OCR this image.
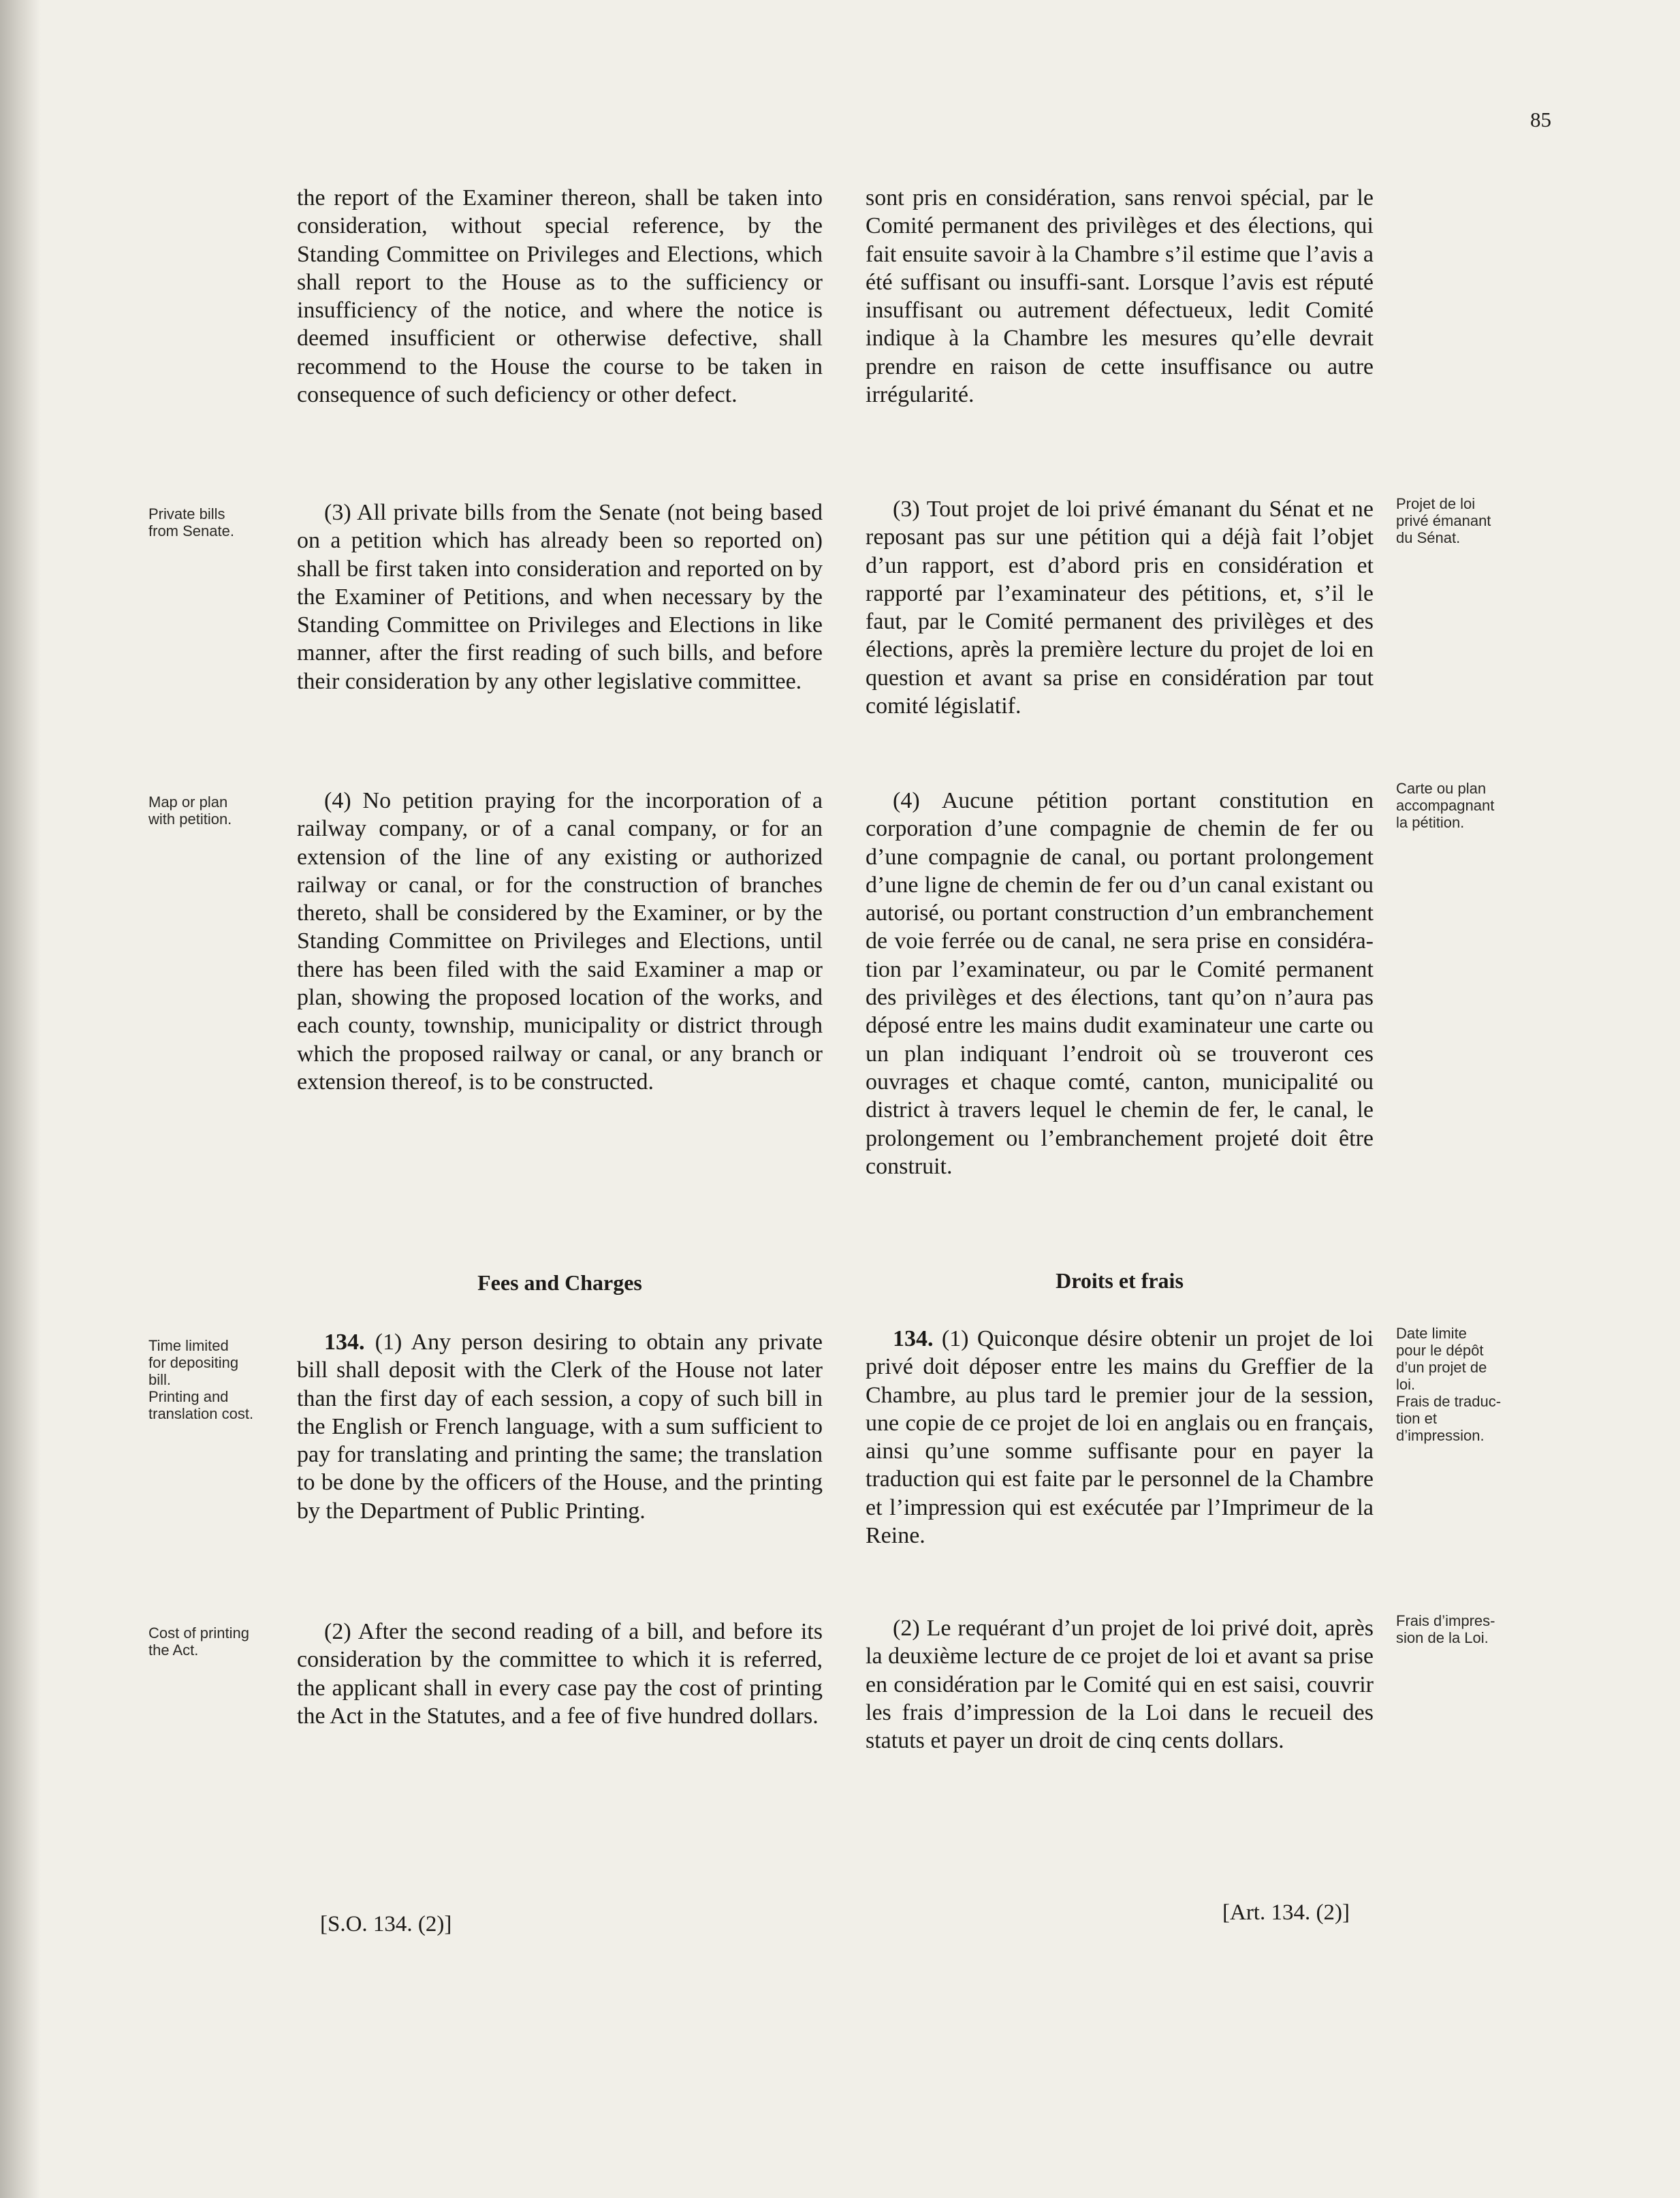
85

the report of the Examiner thereon, shall be taken into consideration, without special reference, by the Standing Committee on Privileges and Elections, which shall report to the House as to the sufficiency or insufficiency of the notice, and where the notice is deemed insufficient or otherwise defective, shall recommend to the House the course to be taken in consequence of such deficiency or other defect.

(3) All private bills from the Senate (not being based on a petition which has already been so reported on) shall be first taken into consideration and reported on by the Examiner of Petitions, and when necessary by the Standing Committee on Privileges and Elections in like manner, after the first reading of such bills, and before their consideration by any other legislative committee.

(4) No petition praying for the incorporation of a railway company, or of a canal company, or for an extension of the line of any existing or authorized railway or canal, or for the construction of branches thereto, shall be considered by the Examiner, or by the Standing Committee on Privileges and Elections, until there has been filed with the said Examiner a map or plan, showing the proposed location of the works, and each county, township, municipality or district through which the proposed railway or canal, or any branch or extension thereof, is to be constructed.

Fees and Charges

134. (1) Any person desiring to obtain any private bill shall deposit with the Clerk of the House not later than the first day of each session, a copy of such bill in the English or French language, with a sum sufficient to pay for translating and printing the same; the translation to be done by the officers of the House, and the printing by the Department of Public Printing.

(2) After the second reading of a bill, and before its consideration by the committee to which it is referred, the applicant shall in every case pay the cost of printing the Act in the Statutes, and a fee of five hundred dollars.

[S.O. 134. (2)]
Private bills
from Senate.
Map or plan
with petition.
Time limited
for depositing
bill.
Printing and
translation cost.
Cost of printing
the Act.

sont pris en considération, sans renvoi spécial, par le Comité permanent des privilèges et des élections, qui fait ensuite savoir à la Chambre s’il estime que l’avis a été suffisant ou insuffi-sant. Lorsque l’avis est réputé insuffisant ou autrement défectueux, ledit Comité indique à la Chambre les mesures qu’elle devrait prendre en raison de cette insuffisance ou autre irrégularité.

(3) Tout projet de loi privé émanant du Sénat et ne reposant pas sur une pétition qui a déjà fait l’objet d’un rapport, est d’abord pris en considération et rapporté par l’examinateur des pétitions, et, s’il le faut, par le Comité permanent des privilèges et des élections, après la première lecture du projet de loi en question et avant sa prise en considération par tout comité législatif.

(4) Aucune pétition portant constitution en corporation d’une compagnie de chemin de fer ou d’une compagnie de canal, ou portant prolongement d’une ligne de chemin de fer ou d’un canal existant ou autorisé, ou portant construction d’un embranchement de voie ferrée ou de canal, ne sera prise en considéra-tion par l’examinateur, ou par le Comité permanent des privilèges et des élections, tant qu’on n’aura pas déposé entre les mains dudit examinateur une carte ou un plan indiquant l’endroit où se trouveront ces ouvrages et chaque comté, canton, municipalité ou district à travers lequel le chemin de fer, le canal, le prolongement ou l’embranchement projeté doit être construit.

Droits et frais

134. (1) Quiconque désire obtenir un projet de loi privé doit déposer entre les mains du Greffier de la Chambre, au plus tard le premier jour de la session, une copie de ce projet de loi en anglais ou en français, ainsi qu’une somme suffisante pour en payer la traduction qui est faite par le personnel de la Chambre et l’impression qui est exécutée par l’Imprimeur de la Reine.

(2) Le requérant d’un projet de loi privé doit, après la deuxième lecture de ce projet de loi et avant sa prise en considération par le Comité qui en est saisi, couvrir les frais d’impression de la Loi dans le recueil des statuts et payer un droit de cinq cents dollars.

[Art. 134. (2)]
Projet de loi
privé émanant
du Sénat.
Carte ou plan
accompagnant
la pétition.
Date limite
pour le dépôt
d’un projet de
loi.
Frais de traduc-
tion et
d’impression.
Frais d’impres-
sion de la Loi.
